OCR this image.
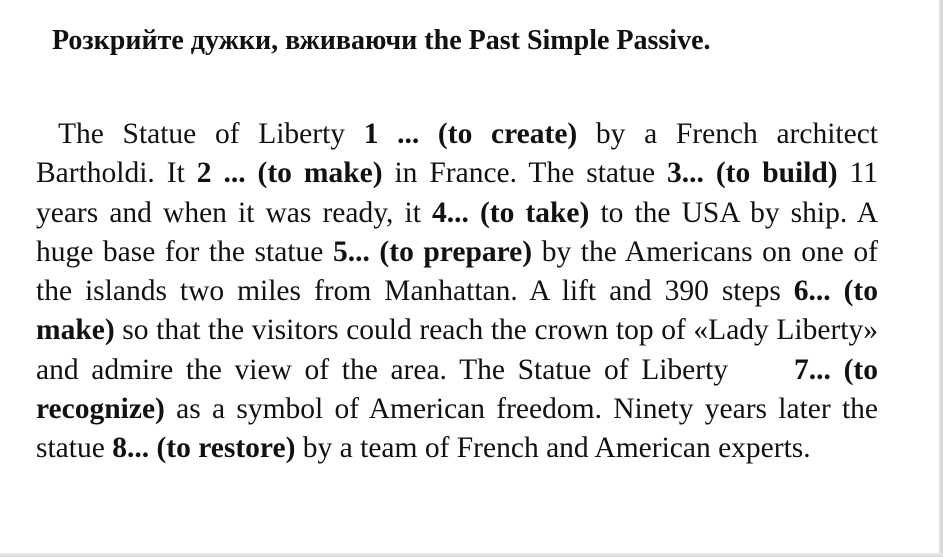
Розкрийте дужки, вживаючи the Past Simple Passive.

The Statue of Liberty 1 ... (to create) by a French architect Bartholdi. It 2 ... (to make) in France. The statue 3... (to build) 11 years and when it was ready, it 4... (to take) to the USA by ship. A huge base for the statue 5... (to prepare) by the Americans on one of the islands two miles from Manhattan. A lift and 390 steps 6... (to make) so that the visitors could reach the crown top of «Lady Liberty» and admire the view of the area. The Statue of Liberty 7... (to recognize) as a symbol of American freedom. Ninety years later the statue 8... (to restore) by a team of French and American experts.
